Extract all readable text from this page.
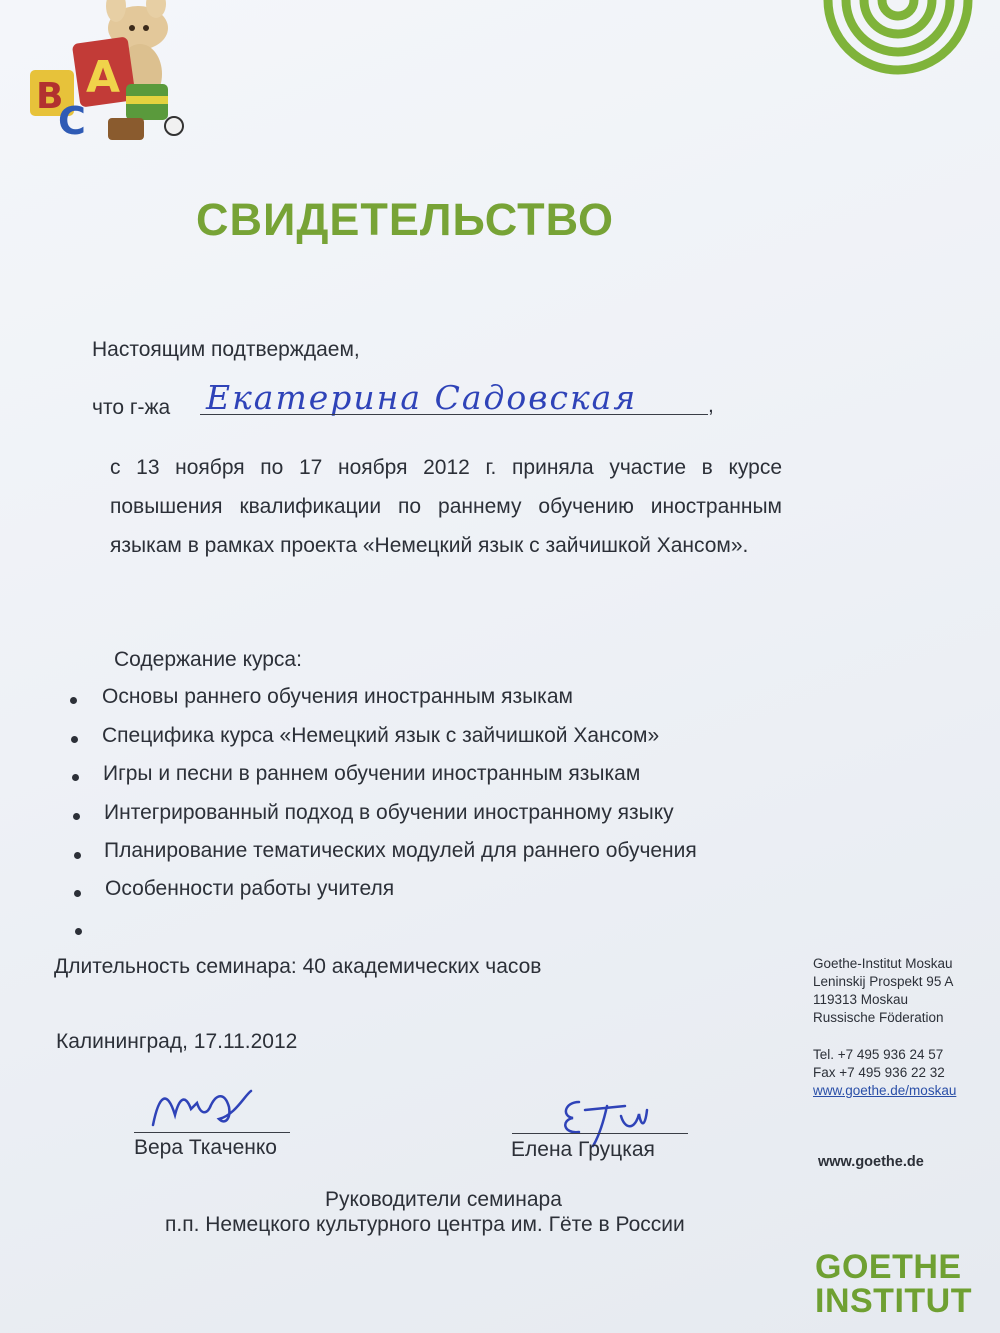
A
B
C
СВИДЕТЕЛЬСТВО
Настоящим подтверждаем,
что г-жа Екатерина Садовская	,
с 13 ноября по 17 ноября 2012 г. приняла участие в курсе повышения квалификации по раннему обучению иностранным языкам в рамках проекта «Немецкий язык с зайчишкой Хансом».
Содержание курса:
Основы раннего обучения иностранным языкам
Специфика курса «Немецкий язык с зайчишкой Хансом»
Игры и песни в раннем обучении иностранным языкам
Интегрированный подход в обучении иностранному языку
Планирование тематических модулей для раннего обучения
Особенности работы учителя
Длительность семинара: 40 академических часов
Калининград, 17.11.2012
Вера Ткаченко	Елена Груцкая
Руководители семинара
п.п. Немецкого культурного центра им. Гёте в России
Goethe-Institut Moskau
Leninskij Prospekt 95 A
119313 Moskau
Russische Föderation
Tel. +7 495 936 24 57
Fax +7 495 936 22 32
www.goethe.de/moskau
www.goethe.de
GOETHE
INSTITUT
